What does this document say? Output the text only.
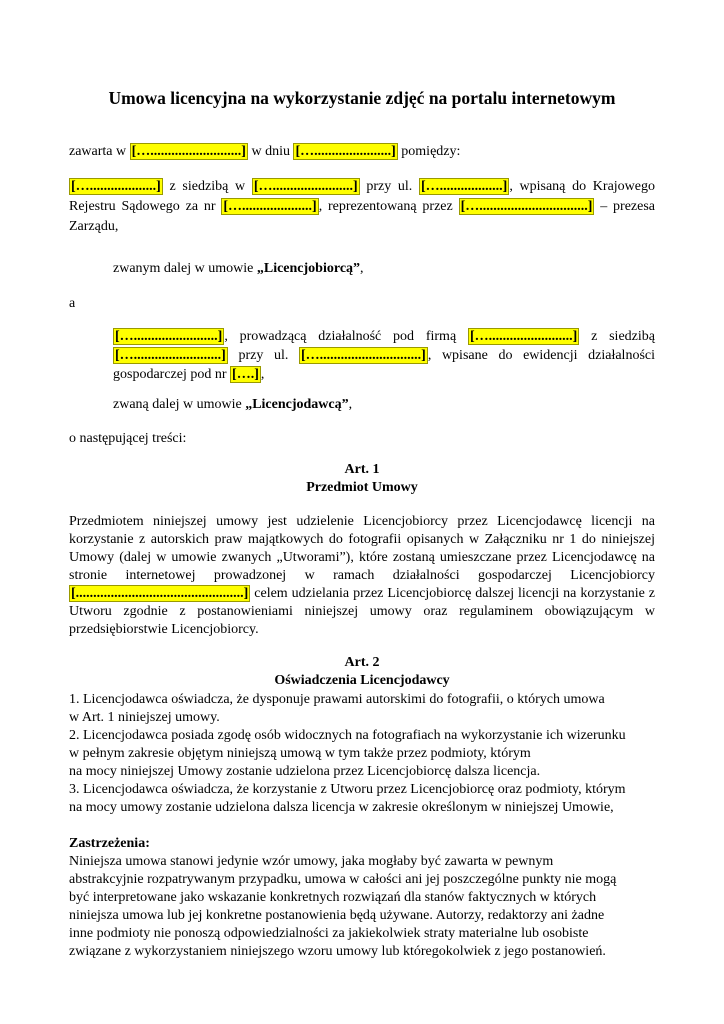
Umowa licencyjna na wykorzystanie zdjęć na portalu internetowym
zawarta w […..........................] w dniu […......................] pomiędzy:
[…...................] z siedzibą w [….......................] przy ul. […..................] , wpisaną do Krajowego Rejestru Sądowego za nr […....................] , reprezentowaną przez […...............................] – prezesa Zarządu,
zwanym dalej w umowie „Licencjobiorcą”,
a
[…........................] , prowadzącą działalność pod firmą […........................] z siedzibą [….........................] przy ul. [….............................] , wpisane do ewidencji działalności gospodarczej pod nr [….] ,
zwaną dalej w umowie „Licencjodawcą”,
o następującej treści:
Art. 1
Przedmiot Umowy
Przedmiotem niniejszej umowy jest udzielenie Licencjobiorcy przez Licencjodawcę licencji na korzystanie z autorskich praw majątkowych do fotografii opisanych w Załączniku nr 1 do niniejszej Umowy (dalej w umowie zwanych „Utworami”), które zostaną umieszczane przez Licencjodawcę na stronie internetowej prowadzonej w ramach działalności gospodarczej Licencjobiorcy [................................................] celem udzielania przez Licencjobiorcę dalszej licencji na korzystanie z Utworu zgodnie z postanowieniami niniejszej umowy oraz regulaminem obowiązującym w przedsiębiorstwie Licencjobiorcy.
Art. 2
Oświadczenia Licencjodawcy
1. Licencjodawca oświadcza, że dysponuje prawami autorskimi do fotografii, o których umowa
w Art. 1 niniejszej umowy.
2. Licencjodawca posiada zgodę osób widocznych na fotografiach na wykorzystanie ich wizerunku
w pełnym zakresie objętym niniejszą umową w tym także przez podmioty, którym
na mocy niniejszej Umowy zostanie udzielona przez Licencjobiorcę dalsza licencja.
3. Licencjodawca oświadcza, że korzystanie z Utworu przez Licencjobiorcę oraz podmioty, którym
na mocy umowy zostanie udzielona dalsza licencja w zakresie określonym w niniejszej Umowie,
Zastrzeżenia:
Niniejsza umowa stanowi jedynie wzór umowy, jaka mogłaby być zawarta w pewnym
abstrakcyjnie rozpatrywanym przypadku, umowa w całości ani jej poszczególne punkty nie mogą
być interpretowane jako wskazanie konkretnych rozwiązań dla stanów faktycznych w których
niniejsza umowa lub jej konkretne postanowienia będą używane. Autorzy, redaktorzy ani żadne
inne podmioty nie ponoszą odpowiedzialności za jakiekolwiek straty materialne lub osobiste
związane z wykorzystaniem niniejszego wzoru umowy lub któregokolwiek z jego postanowień.
